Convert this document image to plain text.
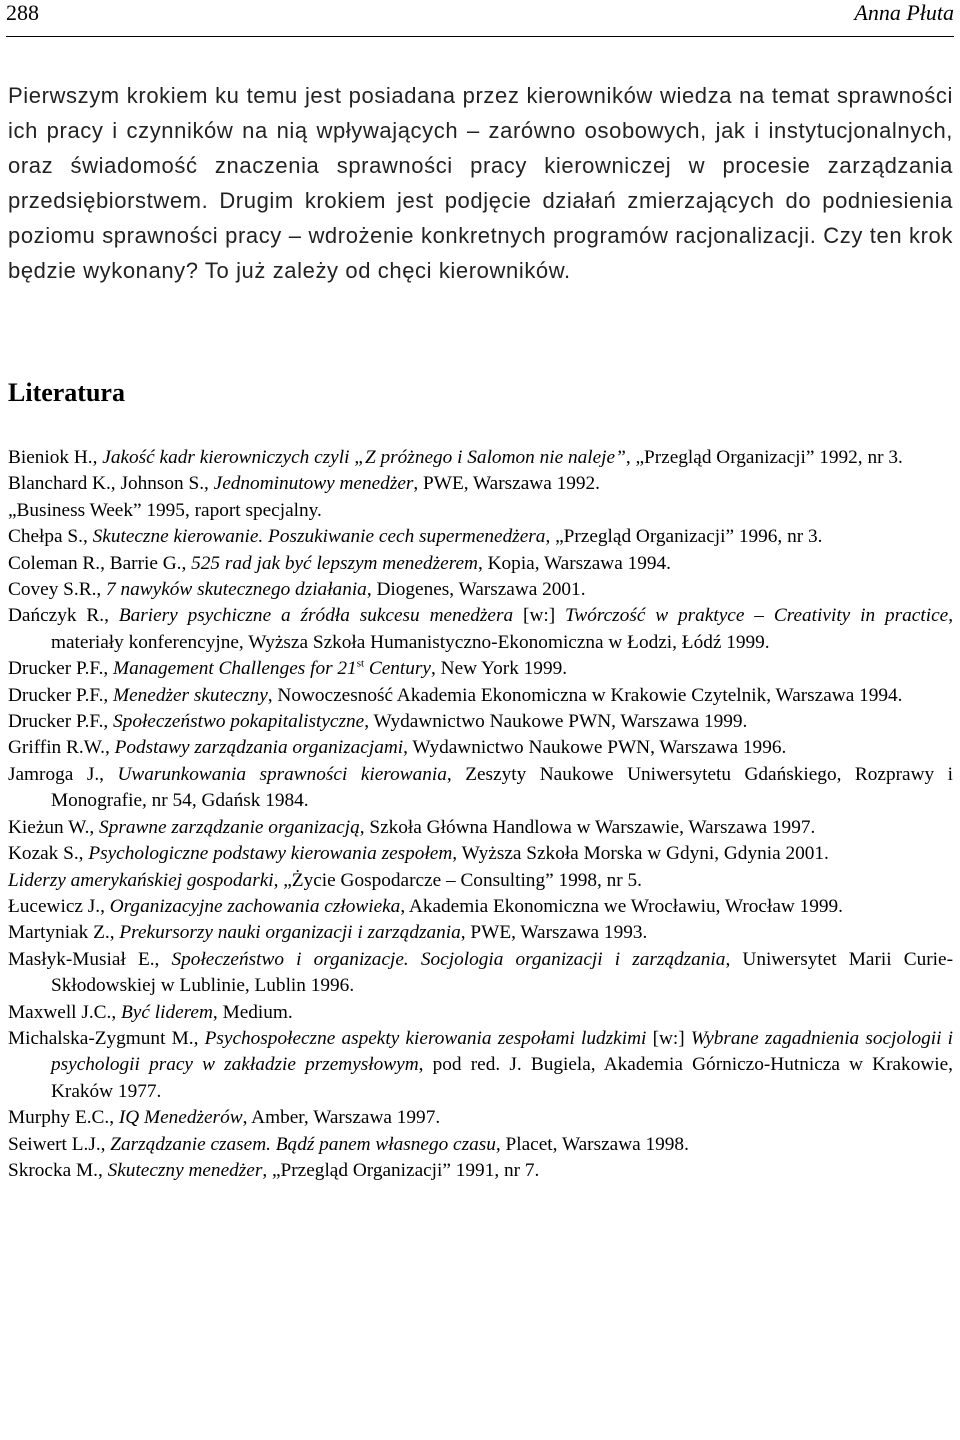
288	Anna Płuta

Pierwszym krokiem ku temu jest posiadana przez kierowników wiedza na temat sprawności ich pracy i czynników na nią wpływających – zarówno osobowych, jak i instytucjonalnych, oraz świadomość znaczenia sprawności pracy kierowniczej w procesie zarządzania przedsiębiorstwem. Drugim krokiem jest podjęcie działań zmierzających do podniesienia poziomu sprawności pracy – wdrożenie konkretnych programów racjonalizacji. Czy ten krok będzie wykonany? To już zależy od chęci kierowników.

Literatura
Bieniok H., Jakość kadr kierowniczych czyli „Z próżnego i Salomon nie naleje”, „Przegląd Organizacji” 1992, nr 3.
Blanchard K., Johnson S., Jednominutowy menedżer, PWE, Warszawa 1992.
„Business Week” 1995, raport specjalny.
Chełpa S., Skuteczne kierowanie. Poszukiwanie cech supermenedżera, „Przegląd Organizacji” 1996, nr 3.
Coleman R., Barrie G., 525 rad jak być lepszym menedżerem, Kopia, Warszawa 1994.
Covey S.R., 7 nawyków skutecznego działania, Diogenes, Warszawa 2001.
Dańczyk R., Bariery psychiczne a źródła sukcesu menedżera [w:] Twórczość w praktyce – Creativity in practice, materiały konferencyjne, Wyższa Szkoła Humanistyczno-Ekonomiczna w Łodzi, Łódź 1999.
Drucker P.F., Management Challenges for 21st Century, New York 1999.
Drucker P.F., Menedżer skuteczny, Nowoczesność Akademia Ekonomiczna w Krakowie Czytelnik, Warszawa 1994.
Drucker P.F., Społeczeństwo pokapitalistyczne, Wydawnictwo Naukowe PWN, Warszawa 1999.
Griffin R.W., Podstawy zarządzania organizacjami, Wydawnictwo Naukowe PWN, Warszawa 1996.
Jamroga J., Uwarunkowania sprawności kierowania, Zeszyty Naukowe Uniwersytetu Gdańskiego, Rozprawy i Monografie, nr 54, Gdańsk 1984.
Kieżun W., Sprawne zarządzanie organizacją, Szkoła Główna Handlowa w Warszawie, Warszawa 1997.
Kozak S., Psychologiczne podstawy kierowania zespołem, Wyższa Szkoła Morska w Gdyni, Gdynia 2001.
Liderzy amerykańskiej gospodarki, „Życie Gospodarcze – Consulting” 1998, nr 5.
Łucewicz J., Organizacyjne zachowania człowieka, Akademia Ekonomiczna we Wrocławiu, Wrocław 1999.
Martyniak Z., Prekursorzy nauki organizacji i zarządzania, PWE, Warszawa 1993.
Masłyk-Musiał E., Społeczeństwo i organizacje. Socjologia organizacji i zarządzania, Uniwersytet Marii Curie-Skłodowskiej w Lublinie, Lublin 1996.
Maxwell J.C., Być liderem, Medium.
Michalska-Zygmunt M., Psychospołeczne aspekty kierowania zespołami ludzkimi [w:] Wybrane zagadnienia socjologii i psychologii pracy w zakładzie przemysłowym, pod red. J. Bugiela, Akademia Górniczo-Hutnicza w Krakowie, Kraków 1977.
Murphy E.C., IQ Menedżerów, Amber, Warszawa 1997.
Seiwert L.J., Zarządzanie czasem. Bądź panem własnego czasu, Placet, Warszawa 1998.
Skrocka M., Skuteczny menedżer, „Przegląd Organizacji” 1991, nr 7.
